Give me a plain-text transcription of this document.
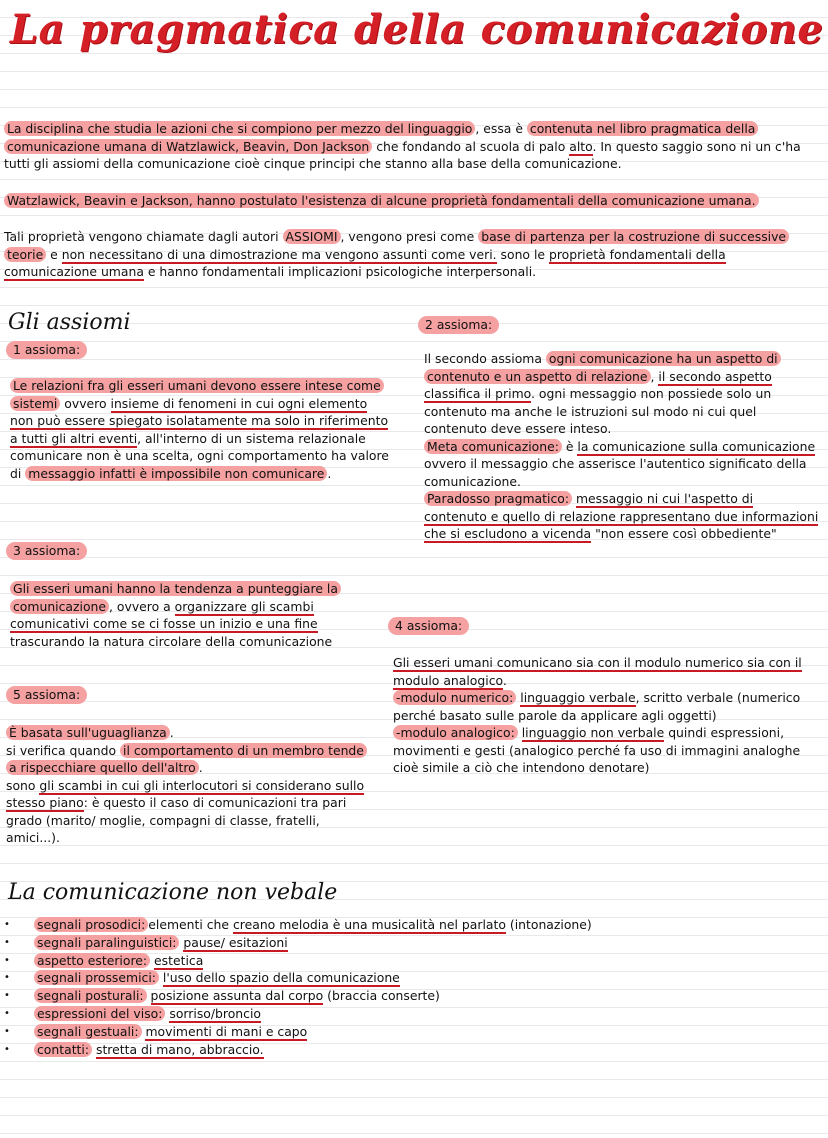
La pragmatica della comunicazione

La disciplina che studia le azioni che si compiono per mezzo del linguaggio , essa è contenuta nel libro pragmatica della comunicazione umana di Watzlawick, Beavin, Don Jackson che fondando al scuola di palo alto. In questo saggio sono ni un c'ha tutti gli assiomi della comunicazione cioè cinque principi che stanno alla base della comunicazione.

Watzlawick, Beavin e Jackson, hanno postulato l'esistenza di alcune proprietà fondamentali della comunicazione umana.

Tali proprietà vengono chiamate dagli autori ASSIOMI , vengono presi come base di partenza per la costruzione di successive teorie e non necessitano di una dimostrazione ma vengono assunti come veri. sono le proprietà fondamentali della comunicazione umana e hanno fondamentali implicazioni psicologiche interpersonali.

Gli assiomi
1 assioma:

Le relazioni fra gli esseri umani devono essere intese come sistemi ovvero insieme di fenomeni in cui ogni elemento non può essere spiegato isolatamente ma solo in riferimento a tutti gli altri eventi, all'interno di un sistema relazionale comunicare non è una scelta, ogni comportamento ha valore di messaggio infatti è impossibile non comunicare .

3 assioma:

Gli esseri umani hanno la tendenza a punteggiare la comunicazione , ovvero a organizzare gli scambi comunicativi come se ci fosse un inizio e una fine trascurando la natura circolare della comunicazione

5 assioma:

È basata sull'uguaglianza .
si verifica quando il comportamento di un membro tende a rispecchiare quello dell'altro .
sono gli scambi in cui gli interlocutori si considerano sullo stesso piano: è questo il caso di comunicazioni tra pari grado (marito/ moglie, compagni di classe, fratelli, amici...).

2 assioma:

Il secondo assioma ogni comunicazione ha un aspetto di contenuto e un aspetto di relazione , il secondo aspetto classifica il primo. ogni messaggio non possiede solo un contenuto ma anche le istruzioni sul modo ni cui quel contenuto deve essere inteso.
Meta comunicazione: è la comunicazione sulla comunicazione ovvero il messaggio che asserisce l'autentico significato della comunicazione.
Paradosso pragmatico: messaggio ni cui l'aspetto di contenuto e quello di relazione rappresentano due informazioni che si escludono a vicenda "non essere così obbediente"

4 assioma:

Gli esseri umani comunicano sia con il modulo numerico sia con il modulo analogico.
-modulo numerico: linguaggio verbale, scritto verbale (numerico perché basato sulle parole da applicare agli oggetti)
-modulo analogico: linguaggio non verbale quindi espressioni, movimenti e gesti (analogico perché fa uso di immagini analoghe cioè simile a ciò che intendono denotare)

La comunicazione non vebale
• segnali prosodici: elementi che creano melodia è una musicalità nel parlato (intonazione)
• segnali paralinguistici: pause/ esitazioni
• aspetto esteriore: estetica
• segnali prossemici: l'uso dello spazio della comunicazione
• segnali posturali: posizione assunta dal corpo (braccia conserte)
• espressioni del viso: sorriso/broncio
• segnali gestuali: movimenti di mani e capo
• contatti: stretta di mano, abbraccio.
